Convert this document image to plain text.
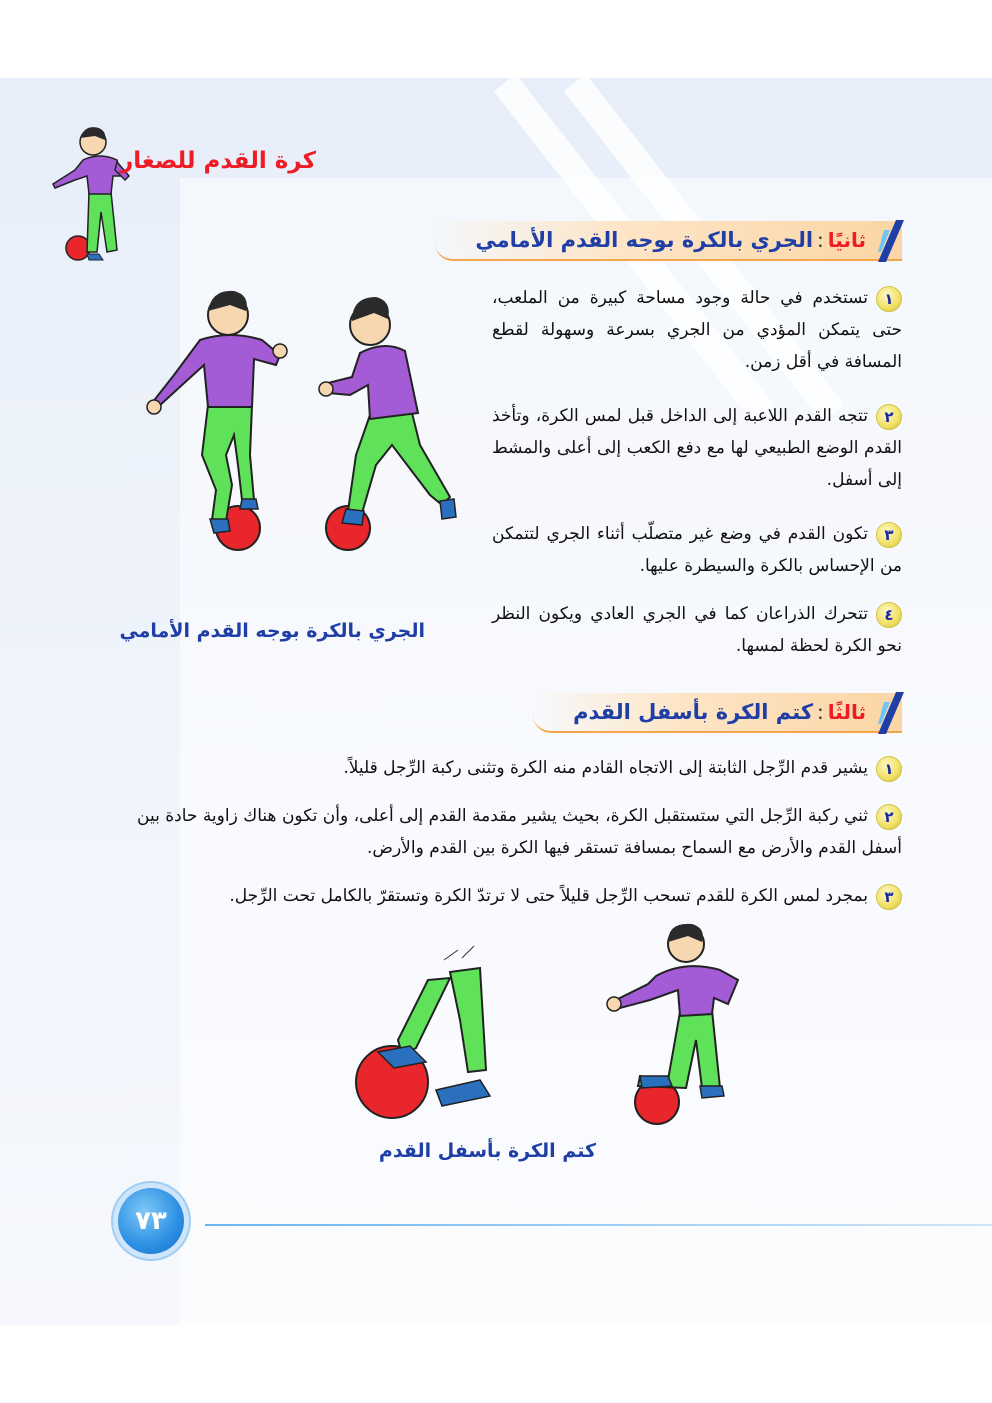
كرة القدم للصغار
ثانيًا
:
الجري بالكرة بوجه القدم الأمامي
١تستخدم في حالة وجود مساحة كبيرة من الملعب، حتى يتمكن المؤدي من الجري بسرعة وسهولة لقطع المسافة في أقل زمن.
٢تتجه القدم اللاعبة إلى الداخل قبل لمس الكرة، وتأخذ القدم الوضع الطبيعي لها مع دفع الكعب إلى أعلى والمشط إلى أسفل.
٣تكون القدم في وضع غير متصلّب أثناء الجري لتتمكن من الإحساس بالكرة والسيطرة عليها.
٤تتحرك الذراعان كما في الجري العادي ويكون النظر نحو الكرة لحظة لمسها.
الجري بالكرة بوجه القدم الأمامي
ثالثًا
:
كتم الكرة بأسفل القدم
١يشير قدم الرِّجل الثابتة إلى الاتجاه القادم منه الكرة وتثنى ركبة الرِّجل قليلاً.
٢ثني ركبة الرِّجل التي ستستقبل الكرة، بحيث يشير مقدمة القدم إلى أعلى، وأن تكون هناك زاوية حادة بين أسفل القدم والأرض مع السماح بمسافة تستقر فيها الكرة بين القدم والأرض.
٣بمجرد لمس الكرة للقدم تسحب الرِّجل قليلاً حتى لا ترتدّ الكرة وتستقرّ بالكامل تحت الرِّجل.
كتم الكرة بأسفل القدم
٧٣
